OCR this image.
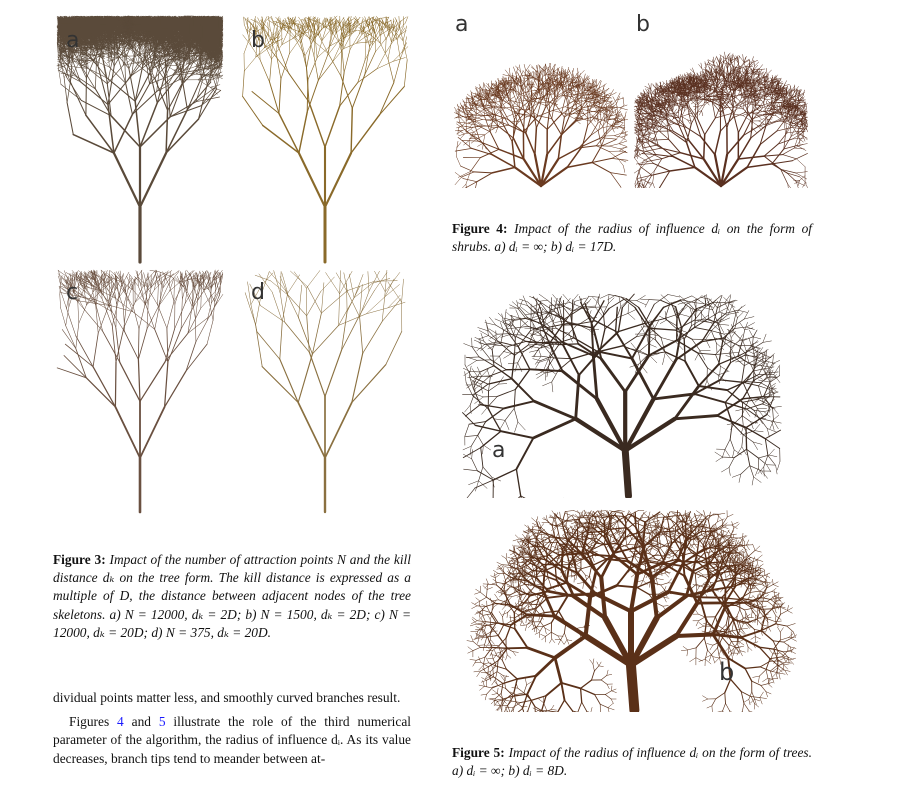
a	b
c	d
Figure 3: Impact of the number of attraction points N and the kill distance dₖ on the tree form. The kill distance is expressed as a multiple of D, the distance between adjacent nodes of the tree skeletons. a) N = 12000, dₖ = 2D; b) N = 1500, dₖ = 2D; c) N = 12000, dₖ = 20D; d) N = 375, dₖ = 20D.

dividual points matter less, and smoothly curved branches result.

Figures 4 and 5 illustrate the role of the third numerical parameter of the algorithm, the radius of influence dᵢ. As its value decreases, branch tips tend to meander between at-

a	b
Figure 4: Impact of the radius of influence dᵢ on the form of shrubs. a) dᵢ = ∞; b) dᵢ = 17D.
a
b
Figure 5: Impact of the radius of influence dᵢ on the form of trees. a) dᵢ = ∞; b) dᵢ = 8D.
